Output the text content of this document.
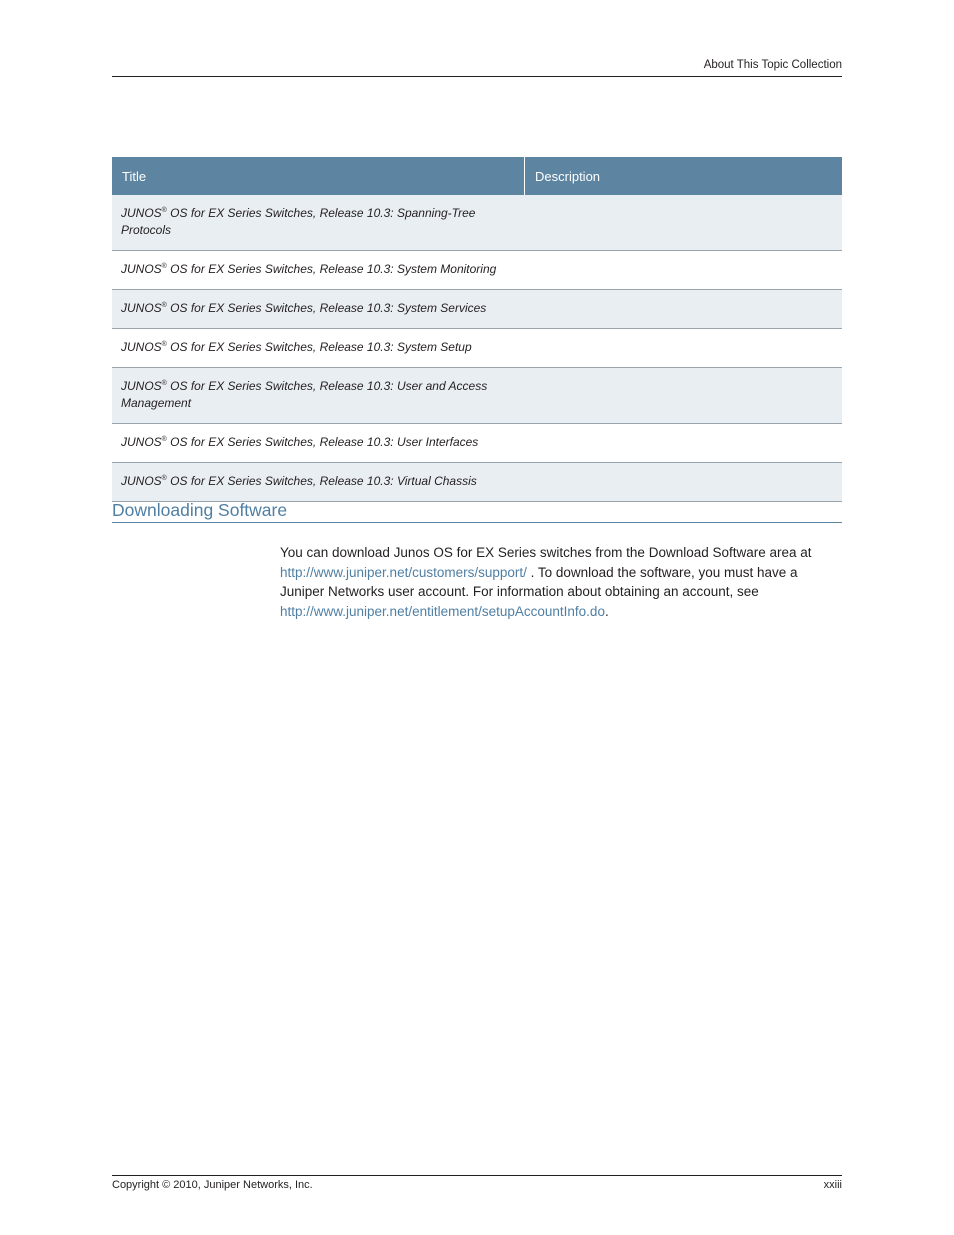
About This Topic Collection
Title	Description

JUNOS® OS for EX Series Switches, Release 10.3: Spanning-Tree Protocols

JUNOS® OS for EX Series Switches, Release 10.3: System Monitoring

JUNOS® OS for EX Series Switches, Release 10.3: System Services

JUNOS® OS for EX Series Switches, Release 10.3: System Setup

JUNOS® OS for EX Series Switches, Release 10.3: User and Access Management

JUNOS® OS for EX Series Switches, Release 10.3: User Interfaces

JUNOS® OS for EX Series Switches, Release 10.3: Virtual Chassis
Downloading Software

You can download Junos OS for EX Series switches from the Download Software area at http://www.juniper.net/customers/support/ . To download the software, you must have a Juniper Networks user account. For information about obtaining an account, see http://www.juniper.net/entitlement/setupAccountInfo.do.

Copyright © 2010, Juniper Networks, Inc.	xxiii
